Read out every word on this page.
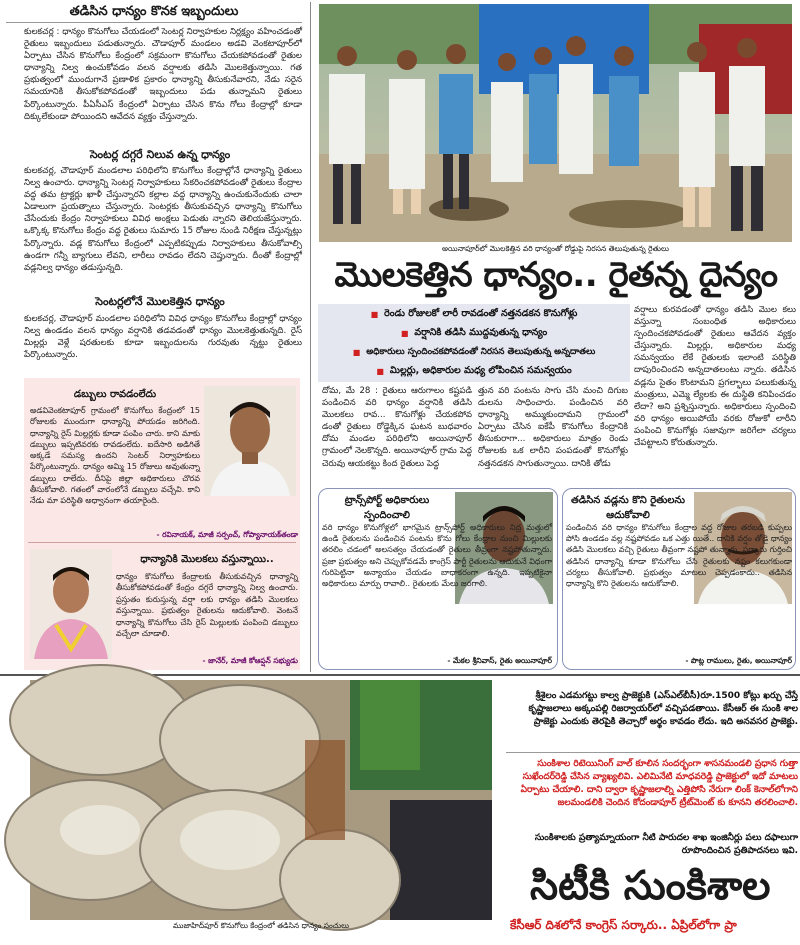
తడిసిన ధాన్యం కొనక ఇబ్బందులు
కులకచర్ల : ధాన్యం కొనుగోలు చేయడంలో సెంటర్ల నిర్వాహకుల నిర్లక్ష్యం వహించడంతో రైతులు ఇబ్బందులు పడుతున్నారు. చౌడాపూర్ మండలం అడవి వెంకటాపూర్‌లో ఏర్పాటు చేసిన కొనుగోలు కేంద్రంలో సక్రమంగా కొనుగోలు చేయకపోవడంతో రైతుల ధాన్యాన్ని నిల్వ ఉంచుకోవడం వలన వర్షాలకు తడిసి మొలకెత్తున్నాయి. గత ప్రభుత్వంలో ముందుగానే ప్రణాళిక ప్రకారం ధాన్యాన్ని తీసుకునేవారని, నేడు సరైన సమయానికి తీసుకోకపోవడంతో ఇబ్బందులు పడు తున్నామని రైతులు పేర్కొంటున్నారు. పీఏసీఎస్ కేంద్రంలో ఏర్పాటు చేసిన కొను గోలు కేంద్రాల్లో కూడా దిక్కులేకుండా పోయిందని ఆవేదన వ్యక్తం చేస్తున్నారు.
సెంటర్ల దగ్గరే నిలువ ఉన్న ధాన్యం
కులకచర్ల, చౌడాపూర్ మండలాల పరిధిలోని కొనుగోలు కేంద్రాల్లోనే ధాన్యాన్ని రైతులు నిల్వ ఉంచారు. ధాన్యాన్ని సెంటర్ల నిర్వాహకులు సేకరించకపోవడంతో రైతులు కేంద్రాల వద్ద తమ ట్రాక్టర్లు ఖాళీ చేస్తున్నారని కల్లాల వద్ద ధాన్యాన్ని ఉంచుకునేందుకు చాలా ఏడాలుగా ప్రయత్నాలు చేస్తున్నారు. సెంటర్లకు తీసుకువచ్చిన ధాన్యాన్ని కొనుగోలు చేసేందుకు కేంద్రం నిర్వాహకులు వివిధ అంక్షలు పెడుతు న్నారని తెలియజేస్తున్నారు. ఒక్కొక్క కొనుగోలు కేంద్రం వద్ద రైతులు సుమారు 15 రోజుల నుండి నిరీక్షణ చేస్తున్నట్లు పేర్కొన్నారు. వడ్ల కొనుగోలు కేంద్రంలో ఎప్పటికప్పుడు నిర్వాహకులు తీసుకోవాల్సి ఉండగా గన్నీ బ్యాగులు లేవని, లారీలు రావడం లేదని చెప్తున్నారు. దీంతో కేంద్రాల్లో వడ్లనిల్వ ధాన్యం తడుస్తున్నది.
సెంటర్లలోనే మొలకెత్తిన ధాన్యం
కులకచర్ల, చౌడాపూర్ మండలాల పరిధిలోని వివిధ ధాన్యం కొనుగోలు కేంద్రాల్లో ధాన్యం నిల్వ ఉండడం వలన ధాన్యం వర్షానికి తడవడంతో ధాన్యం మొలకెత్తుతున్నది. రైస్ మిల్లర్లు వెళ్లే షరతులకు కూడా ఇబ్బందులను గురవుతు న్నట్టు రైతులు పేర్కొంటున్నారు.
డబ్బులు రావడంలేదు
అడవివెంకటాపూర్ గ్రామంలో కొనుగోలు కేంద్రంలో 15 రోజులకు ముందుగా ధాన్యాన్ని పోయడం జరిగింది. ధాన్యాన్ని రైస్ మిల్లర్లకు కూడా పంపిం చారు. కాని మాకు డబ్బులు ఇప్పటివరకు రావడంలేదు. ఐదేసారి అడిగితే అక్కడే సమస్య ఉందని సెంటర్ నిర్వాహకులు పేర్కొంటున్నారు. ధాన్యం అమ్మి 15 రోజులు అవుతున్నా డబ్బులు రాలేదు. దీనిపై జిల్లా అధికారులు చొరవ తీసుకోవాలి. గతంలో వారంలోనే డబ్బులు వచ్చేవి. కాని నేడు మా పరిస్థితి అధ్వానంగా తయారైంది.
- రవినాయక్, మాజీ సర్పంచ్, గోప్యానాయక్‌తండా
ధాన్యానికి మొలకలు వస్తున్నాయి..
ధాన్యం కొనుగోలు కేంద్రాలకు తీసుకువచ్చిన ధాన్యాన్ని తీసుకోకపోవడంతో కేంద్రం దగ్గరే ధాన్యాన్ని నిల్వ ఉంచారు. ప్రస్తుతం కురుస్తున్న వర్షా లకు ధాన్యం తడిసి మొలకలు వస్తున్నాయి. ప్రభుత్వం రైతులను ఆదుకోవాలి. వెంటనే ధాన్యాన్ని కొనుగోలు చేసి రైస్ మిల్లులకు పంపించి డబ్బులు వచ్చేలా చూడాలి.
- జానేర్, మాజీ కోఆప్షన్ సభ్యుడు
అయినాపూర్‌లో మొలకెత్తిన వరి ధాన్యంతో రోడ్డుపై నిరసన తెలుపుతున్న రైతులు
మొలకెత్తిన ధాన్యం.. రైతన్న దైన్యం
■ రెండు రోజులకో లారీ రావడంతో నత్తనడకన కొనుగోళ్లు
■ వర్షానికి తడిసి ముద్దవుతున్న ధాన్యం
■ అధికారులు స్పందించకపోవడంతో నిరసన తెలుపుతున్న అన్నదాతలు
■ మిల్లర్లు, అధికారుల మధ్య లోపించిన సమన్వయం
దోమ, మే 28 : రైతులు ఆరుగాలం కష్టపడి పండించిన వరి ధాన్యం వర్షానికి తడిసి మొలకలు రావ... కొనుగోళ్లు చేయకపోవ డంతో రైతులు రోడ్డెక్కిన ఘటన బుధవారం దోమ మండల పరిధిలోని అయినాపూర్ గ్రామంలో నెలకొన్నది. అయినాపూర్ గ్రామ పెద్ద చెరువు ఆయకట్టు కింద రైతులు పెద్ద
త్తున వరి పంటను సాగు చేసి మంచి దిగుబ డులను సాధించారు. పండించిన వరి ధాన్యాన్ని అమ్ముకుందామని గ్రామంలో ఏర్పాటు చేసిన ఐకేపీ కొనుగోలు కేంద్రానికి తీసుకురాగా... అధికారులు మాత్రం రెండు రోజులకు ఒక లారీని పంపడంతో కొనుగోళ్లు నత్తనడకన సాగుతున్నాయి. దానికి తోడు
వర్షాలు కురవడంతో ధాన్యం తడిసి మొల కలు వస్తున్నా సంబంధిత అధికారులు స్పందించకపోవడంతో రైతులు ఆవేదన వ్యక్తం చేస్తున్నారు. మిల్లర్లు, అధికారుల మధ్య సమన్వయం లేకే రైతులకు ఇలాంటి పరిస్థితి దాపురించిందని అన్నదాతలంటు న్నారు. తడిసిన వడ్లను సైతం కొంటామని ప్రగల్భాలు పలుకుతున్న మంత్రులు, ఎమ్మె ల్యేలకు ఈ దుస్థితి కనిపించడం లేదా? అని ప్రశ్నిస్తున్నారు. అధికారులు స్పందించి వరి ధాన్యం అయిపోయే వరకు రోజుకో లారీని పంపించి కొనుగోళ్లు సజావుగా జరిగేలా చర్యలు చేపట్టాలని కోరుతున్నారు.
ట్రాన్స్‌పోర్ట్ అధికారులు స్పందించాలి
వరి ధాన్యం కొనుగోళ్లలో భాగమైన ట్రాన్స్‌పోర్ట్ అధికారులు నిద్ర మత్తులో ఉండి రైతులను పండించిన పంటను కొను గోలు కేంద్రాల నుంచి మిల్లులకు తరలిం చడంలో అలసత్వం చేయడంతో రైతులు తీవ్రంగా నష్టపోతున్నారు. ప్రజా ప్రభుత్వం అని చెప్పుకోవడమే కాంగ్రెస్ పార్టీ రైతులను ఆదుకునే విధంగా గురిపెట్టినా అన్యాయం చేయడం బాధాకరంగా ఉన్నది. ఇప్పటికైనా అధికారులు మార్పు రావాలి.. రైతులకు మేలు జరగాలి.
- మేకల శ్రీనివాస్, రైతు అయినాపూర్
తడిసిన వడ్లను కొని రైతులను ఆదుకోవాలి
పండించిన వరి ధాన్యం కొనుగోలు కేంద్రాల వద్ద రోజుల తరబడి కుప్పలు పోసి ఉండడం వల్ల నష్టపోవడం ఒక ఎత్తు యితే.. దానికి వర్షం తోడై ధాన్యం తడిసి మొలకలు వచ్చి రైతులు తీవ్రంగా నష్టపో తున్నారు. సర్కారు గుర్తించి తడిసిన ధాన్యాన్ని కూడా కొనుగోలు చేసి రైతులకు నష్టం కలుగకుండా చర్యలు తీసుకోవాలి. ప్రభుత్వం మాటలు చెప్పడంకాదు.. తడిసిన ధాన్యాన్ని కొని రైతులను ఆదుకోవాలి.
- పొట్ల రాములు, రైతు, అయినాపూర్
ముజాహిద్‌పూర్ కొనుగోలు కేంద్రంలో తడిసిన ధాన్యం సంచులు
శ్రీశైలం ఎడమగట్టు కాల్వ ప్రాజెక్టుకి (ఎస్‌ఎల్‌బీసీ)రూ.1500 కోట్లు ఖర్చు చేస్తే కృష్ణాజలాలు అక్కంపల్లి రిజర్వాయర్‌లో వచ్చిపడతాయి. కేసీఆర్ ఈ సుంకి శాల ప్రాజెక్టు ఎందుకు తెరపైకి తెచ్చారో అర్థం కావడం లేదు. ఇది అనవసర ప్రాజెక్టు.
సుంకిశాల రిటెయినింగ్ వాల్ కూలిన సందర్భంగా శాసనమండలి ప్రధాన గుత్తా సుఖేందర్‌రెడ్డి చేసిన వ్యాఖ్యలివి. ఎలిమినేటి మాధవరెడ్డి ప్రాజెక్టులో ఇదో మాటలు ఏర్పాటు చేయాలి. దాని ద్వారా కృష్ణాజలాల్ని ఎత్తిపోసి నేరుగా లింక్ కెనాల్‌లోగాని జలమండలికి చెందిన కోదండాపూర్ ట్రీట్‌మెంట్ కు కూనని తరలించాలి.
సుంకిశాలకు ప్రత్యామ్నాయంగా నీటి పారుదల శాఖ ఇంజినీర్లు పలు దఫాలుగా రూపొందించిన ప్రతిపాదనలు ఇవి.
సిటీకి సుంకిశాల
కేసీఆర్ దిశలోనే కాంగ్రెస్ సర్కారు.. ఏప్రిల్‌లోగా ప్రా
